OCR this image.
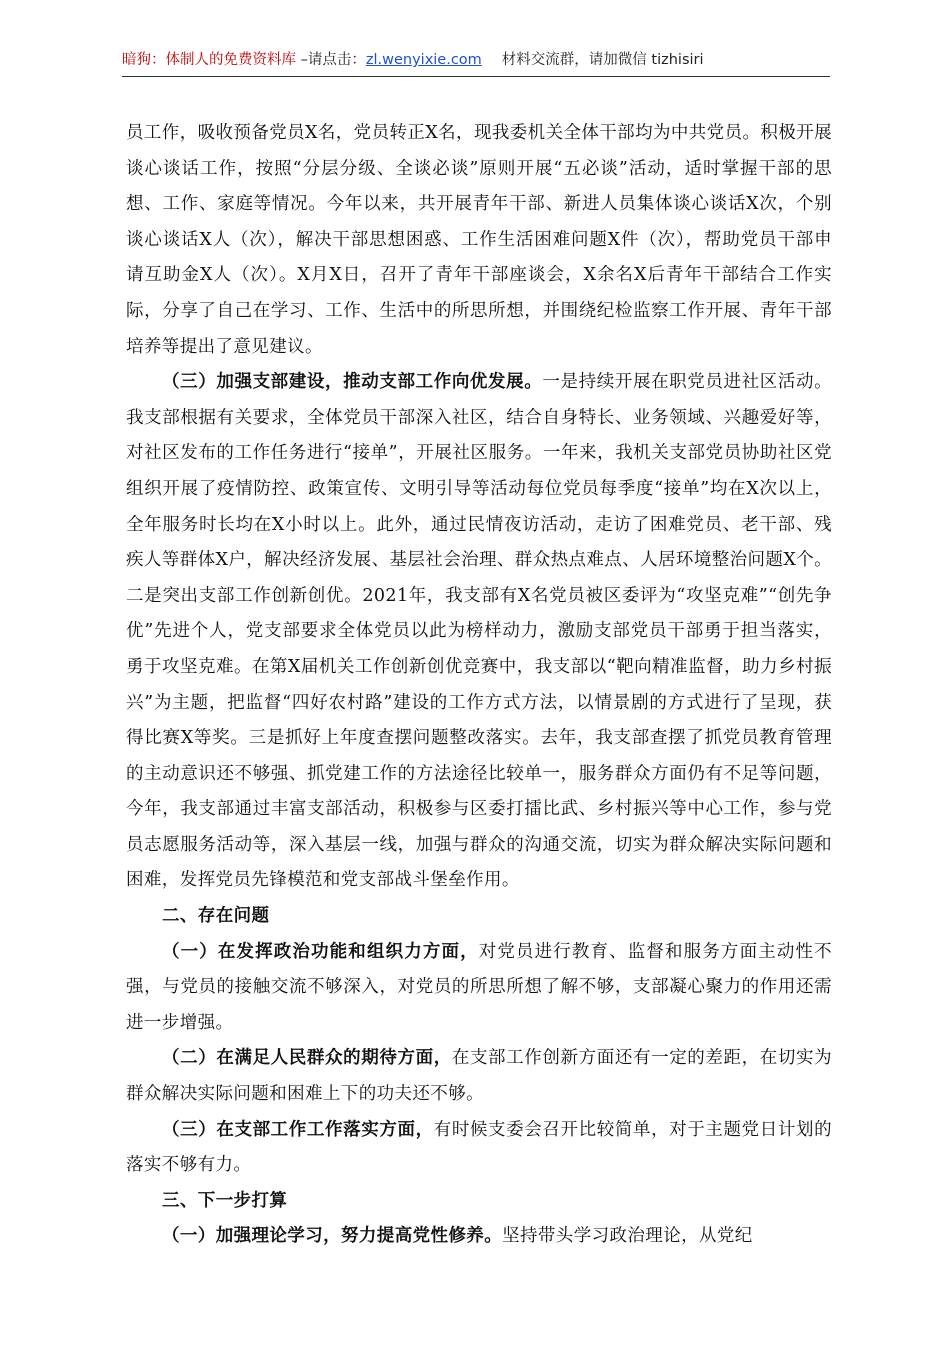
暗狗：体制人的免费资料库 –请点击：zl.wenyixie.com 材料交流群，请加微信 tizhisiri

员工作，吸收预备党员X名，党员转正X名，现我委机关全体干部均为中共党员。积极开展谈心谈话工作，按照“分层分级、全谈必谈”原则开展“五必谈”活动，适时掌握干部的思想、工作、家庭等情况。今年以来，共开展青年干部、新进人员集体谈心谈话X次，个别谈心谈话X人（次），解决干部思想困惑、工作生活困难问题X件（次），帮助党员干部申请互助金X人（次）。X月X日，召开了青年干部座谈会，X余名X后青年干部结合工作实际，分享了自己在学习、工作、生活中的所思所想，并围绕纪检监察工作开展、青年干部培养等提出了意见建议。

（三）加强支部建设，推动支部工作向优发展。一是持续开展在职党员进社区活动。我支部根据有关要求，全体党员干部深入社区，结合自身特长、业务领域、兴趣爱好等，对社区发布的工作任务进行“接单”，开展社区服务。一年来，我机关支部党员协助社区党组织开展了疫情防控、政策宣传、文明引导等活动每位党员每季度“接单”均在X次以上，全年服务时长均在X小时以上。此外，通过民情夜访活动，走访了困难党员、老干部、残疾人等群体X户，解决经济发展、基层社会治理、群众热点难点、人居环境整治问题X个。二是突出支部工作创新创优。2021年，我支部有X名党员被区委评为“攻坚克难”“创先争优”先进个人，党支部要求全体党员以此为榜样动力，激励支部党员干部勇于担当落实，勇于攻坚克难。在第X届机关工作创新创优竞赛中，我支部以“靶向精准监督，助力乡村振兴”为主题，把监督“四好农村路”建设的工作方式方法，以情景剧的方式进行了呈现，获得比赛X等奖。三是抓好上年度查摆问题整改落实。去年，我支部查摆了抓党员教育管理的主动意识还不够强、抓党建工作的方法途径比较单一，服务群众方面仍有不足等问题，今年，我支部通过丰富支部活动，积极参与区委打擂比武、乡村振兴等中心工作，参与党员志愿服务活动等，深入基层一线，加强与群众的沟通交流，切实为群众解决实际问题和困难，发挥党员先锋模范和党支部战斗堡垒作用。

二、存在问题

（一）在发挥政治功能和组织力方面，对党员进行教育、监督和服务方面主动性不强，与党员的接触交流不够深入，对党员的所思所想了解不够，支部凝心聚力的作用还需进一步增强。

（二）在满足人民群众的期待方面，在支部工作创新方面还有一定的差距，在切实为群众解决实际问题和困难上下的功夫还不够。

（三）在支部工作工作落实方面，有时候支委会召开比较简单，对于主题党日计划的落实不够有力。

三、下一步打算

（一）加强理论学习，努力提高党性修养。坚持带头学习政治理论，从党纪
